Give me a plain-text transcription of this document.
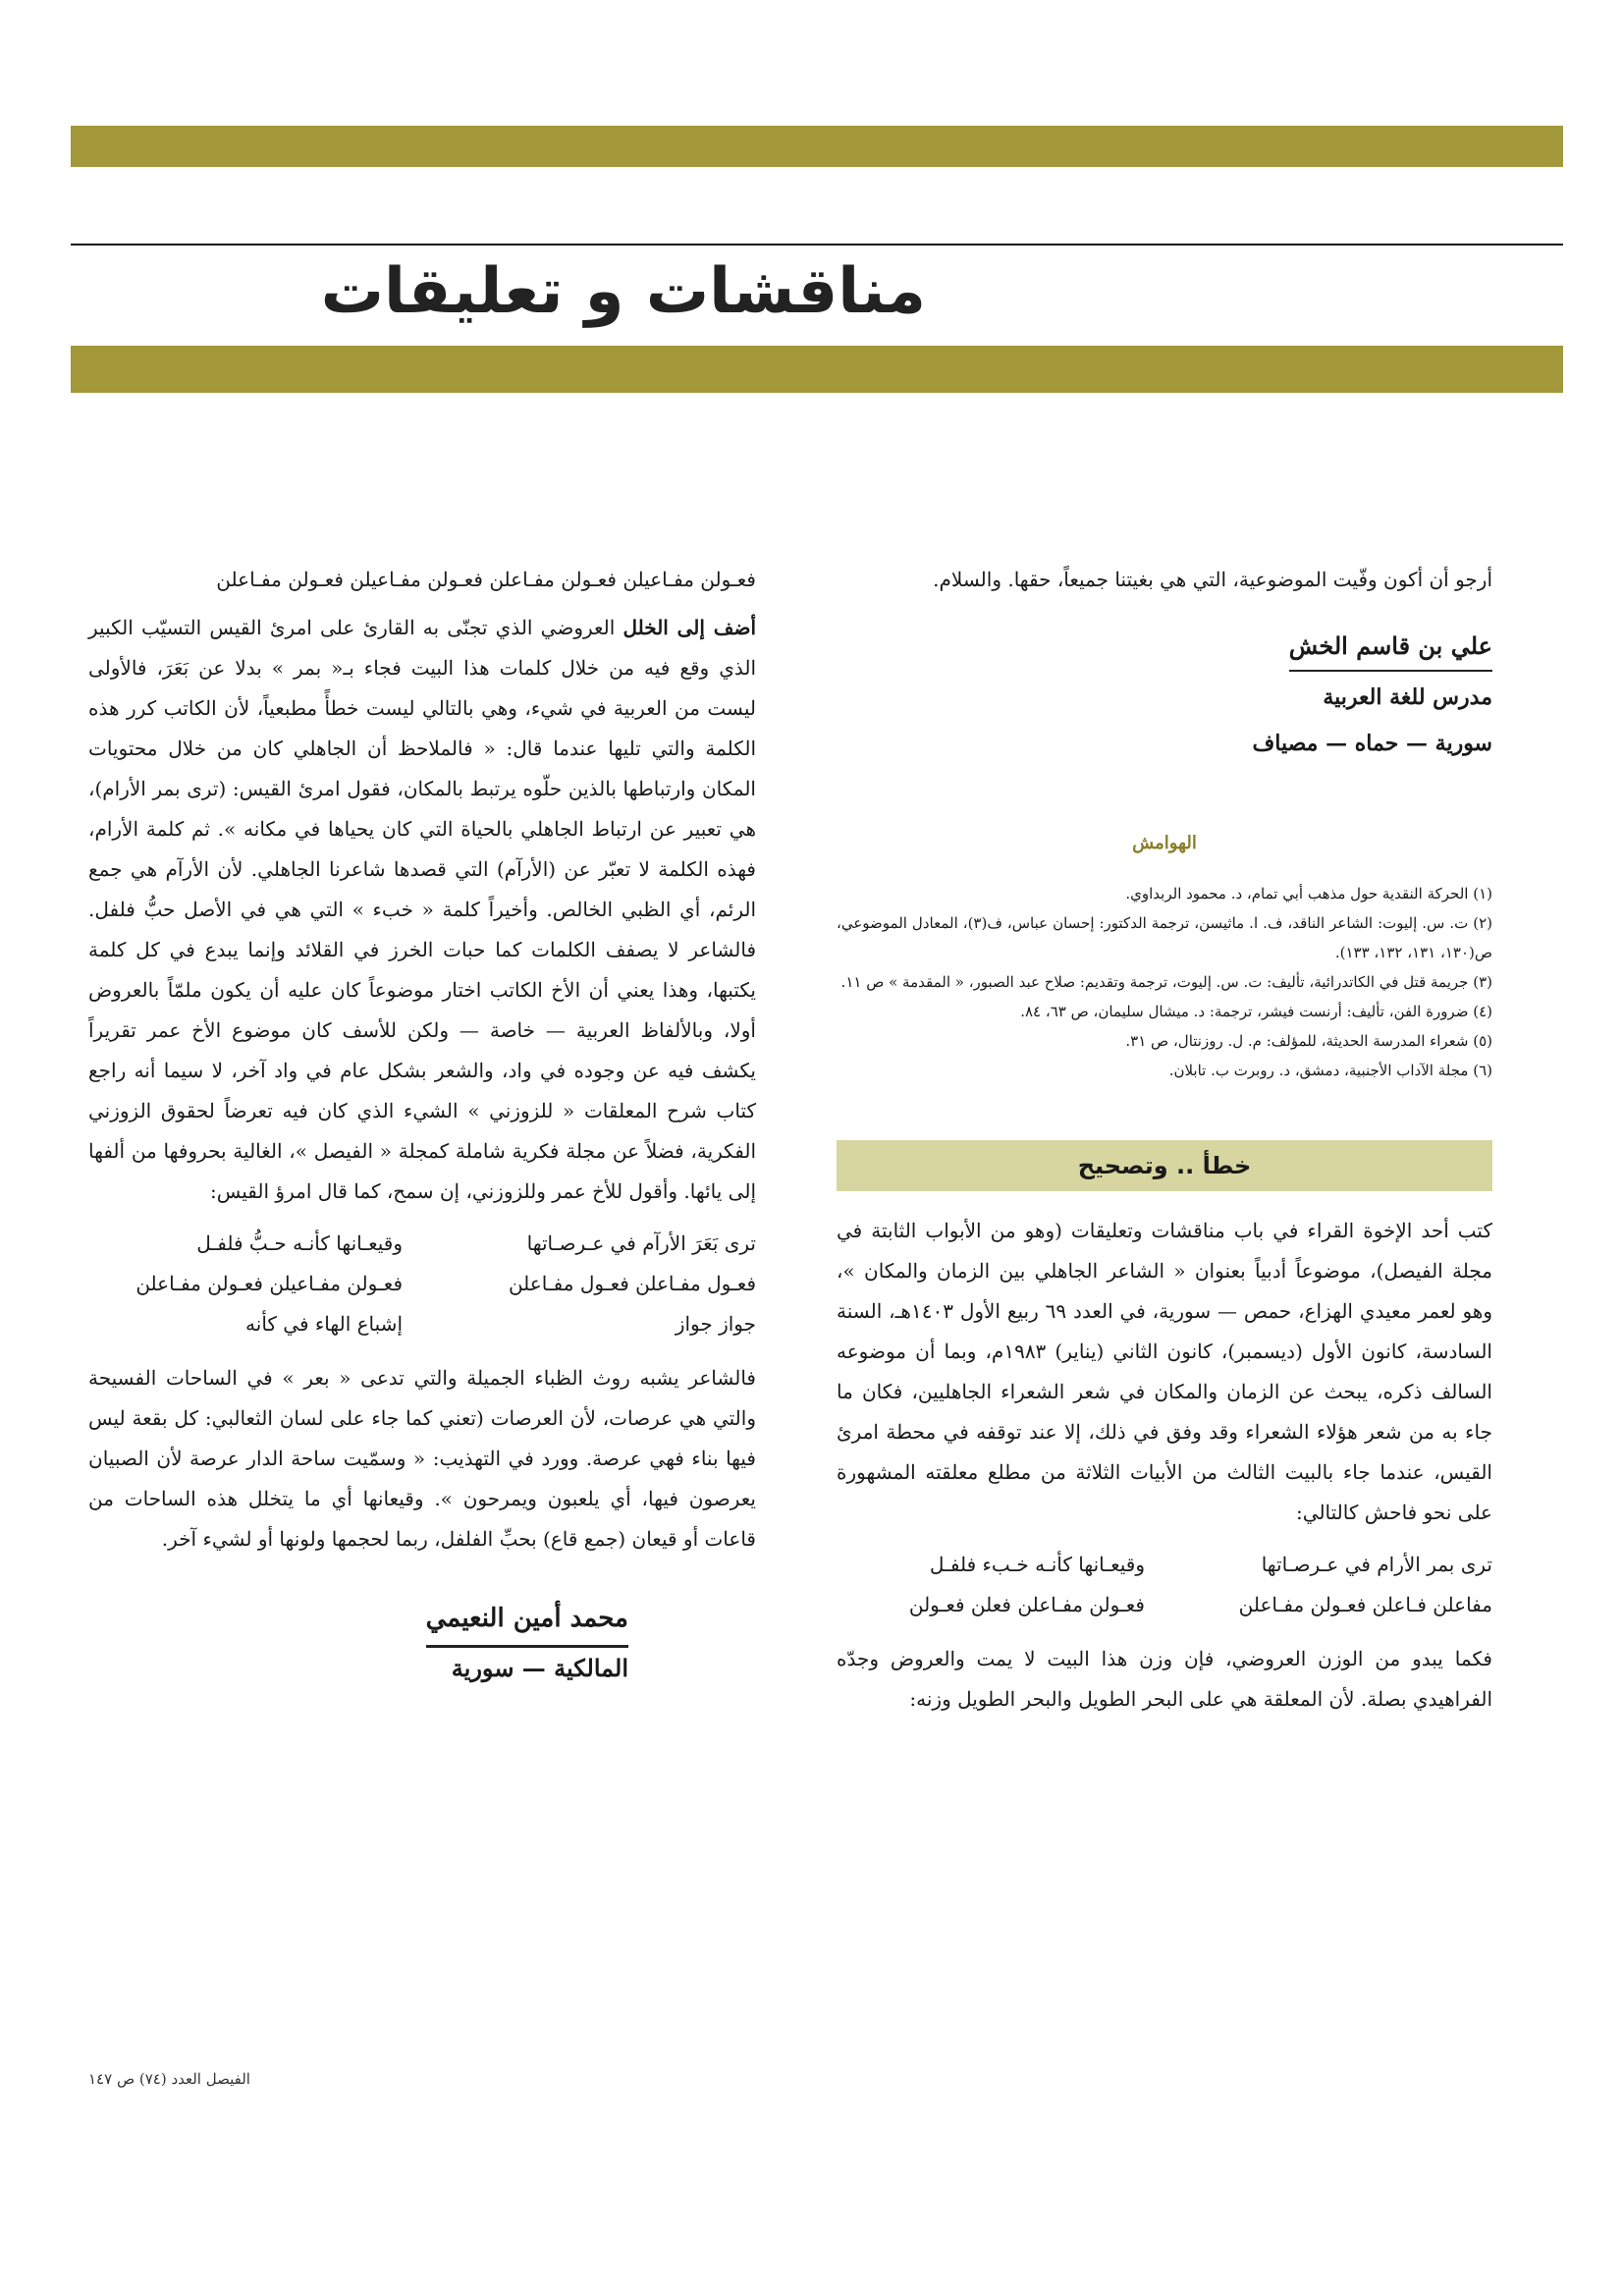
مناقشات و تعليقات
فعـولن مفـاعيلن فعـولن مفـاعلن فعـولن مفـاعيلن فعـولن مفـاعلن

أضف إلى الخلل العروضي الذي تجنّى به القارئ على امرئ القيس التسيّب الكبير الذي وقع فيه من خلال كلمات هذا البيت فجاء بـ« بمر » بدلا عن بَعَرَ، فالأولى ليست من العربية في شيء، وهي بالتالي ليست خطأً مطبعياً، لأن الكاتب كرر هذه الكلمة والتي تليها عندما قال: « فالملاحظ أن الجاهلي كان من خلال محتويات المكان وارتباطها بالذين حلّوه يرتبط بالمكان، فقول امرئ القيس: (ترى بمر الأرام)، هي تعبير عن ارتباط الجاهلي بالحياة التي كان يحياها في مكانه ». ثم كلمة الأرام، فهذه الكلمة لا تعبّر عن (الأرآم) التي قصدها شاعرنا الجاهلي. لأن الأرآم هي جمع الرئم، أي الظبي الخالص. وأخيراً كلمة « خبء » التي هي في الأصل حبُّ فلفل. فالشاعر لا يصفف الكلمات كما حبات الخرز في القلائد وإنما يبدع في كل كلمة يكتبها، وهذا يعني أن الأخ الكاتب اختار موضوعاً كان عليه أن يكون ملمّاً بالعروض أولا، وبالألفاظ العربية — خاصة — ولكن للأسف كان موضوع الأخ عمر تقريراً يكشف فيه عن وجوده في واد، والشعر بشكل عام في واد آخر، لا سيما أنه راجع كتاب شرح المعلقات « للزوزني » الشيء الذي كان فيه تعرضاً لحقوق الزوزني الفكرية، فضلاً عن مجلة فكرية شاملة كمجلة « الفيصل »، الغالية بحروفها من ألفها إلى يائها. وأقول للأخ عمر وللزوزني، إن سمح، كما قال امرؤ القيس:

ترى بَعَرَ الأرآم في عـرصـاتها
وقيعـانها كأنـه حـبُّ فلفـل
فعـول مفـاعلن فعـول مفـاعلن
فعـولن مفـاعيلن فعـولن مفـاعلن
جواز جواز
إشباع الهاء في كأنه

فالشاعر يشبه روث الظباء الجميلة والتي تدعى « بعر » في الساحات الفسيحة والتي هي عرصات، لأن العرصات (تعني كما جاء على لسان الثعالبي: كل بقعة ليس فيها بناء فهي عرصة. وورد في التهذيب: « وسمّيت ساحة الدار عرصة لأن الصبيان يعرصون فيها، أي يلعبون ويمرحون ». وقيعانها أي ما يتخلل هذه الساحات من قاعات أو قيعان (جمع قاع) بحبِّ الفلفل، ربما لحجمها ولونها أو لشيء آخر.

محمد أمين النعيمي
المالكية — سورية

أرجو أن أكون وفّيت الموضوعية، التي هي بغيتنا جميعاً، حقها. والسلام.

علي بن قاسم الخش
مدرس للغة العربية
سورية — حماه — مصياف
الهوامش
(١) الحركة النقدية حول مذهب أبي تمام، د. محمود الربداوي.
(٢) ت. س. إليوت: الشاعر الناقد، ف. ا. ماثيسن، ترجمة الدكتور: إحسان عباس، ف(٣)، المعادل الموضوعي، ص(١٣٠، ١٣١، ١٣٢، ١٣٣).
(٣) جريمة قتل في الكاتدرائية، تأليف: ت. س. إليوت، ترجمة وتقديم: صلاح عبد الصبور، « المقدمة » ص ١١.
(٤) ضرورة الفن، تأليف: أرنست فيشر، ترجمة: د. ميشال سليمان، ص ٦٣، ٨٤.
(٥) شعراء المدرسة الحديثة، للمؤلف: م. ل. روزنتال، ص ٣١.
(٦) مجلة الآداب الأجنبية، دمشق، د. روبرت ب. تابلان.
خطأ .. وتصحيح

كتب أحد الإخوة القراء في باب مناقشات وتعليقات (وهو من الأبواب الثابتة في مجلة الفيصل)، موضوعاً أدبياً بعنوان « الشاعر الجاهلي بين الزمان والمكان »، وهو لعمر معيدي الهزاع، حمص — سورية، في العدد ٦٩ ربيع الأول ١٤٠٣هـ، السنة السادسة، كانون الأول (ديسمبر)، كانون الثاني (يناير) ١٩٨٣م، وبما أن موضوعه السالف ذكره، يبحث عن الزمان والمكان في شعر الشعراء الجاهليين، فكان ما جاء به من شعر هؤلاء الشعراء وقد وفق في ذلك، إلا عند توقفه في محطة امرئ القيس، عندما جاء بالبيت الثالث من الأبيات الثلاثة من مطلع معلقته المشهورة على نحو فاحش كالتالي:

ترى بمر الأرام في عـرصـاتها
وقيعـانها كأنـه خـبء فلفـل
مفاعلن فـاعلن فعـولن مفـاعلن
فعـولن مفـاعلن فعلن فعـولن

فكما يبدو من الوزن العروضي، فإن وزن هذا البيت لا يمت والعروض وجدّه الفراهيدي بصلة. لأن المعلقة هي على البحر الطويل والبحر الطويل وزنه:

الفيصل العدد (٧٤) ص ١٤٧
